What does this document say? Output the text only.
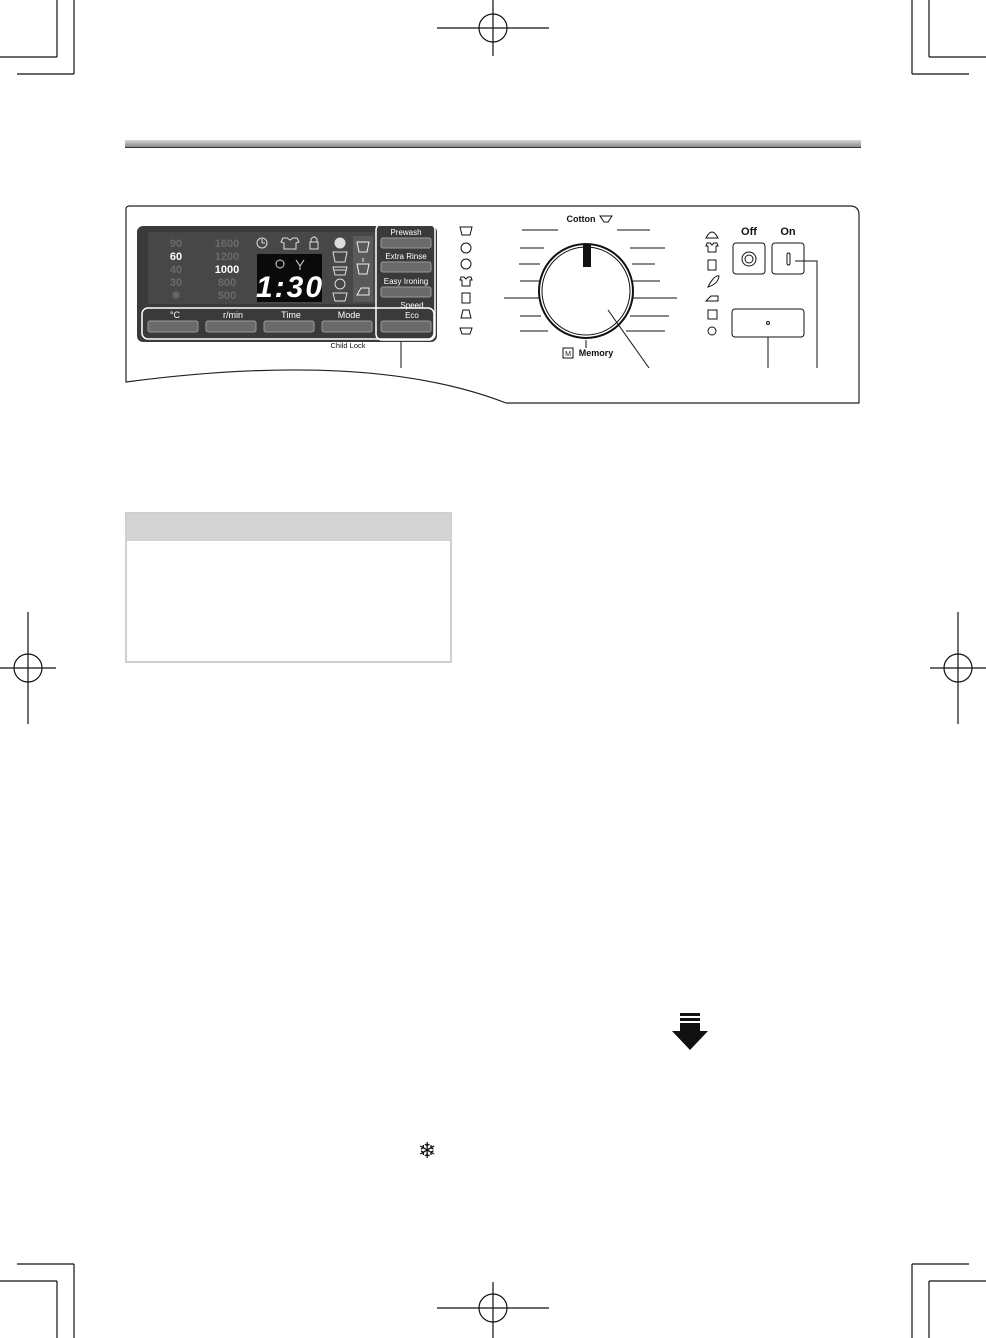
90
60
40
30
❄
1600
1200
1000
800
500 1:30
Prewash
Extra Rinse
Easy Ironing
Speed
Eco
°C	r/min	Time	Mode
Child Lock
Cotton
M Memory
Off On
❄
